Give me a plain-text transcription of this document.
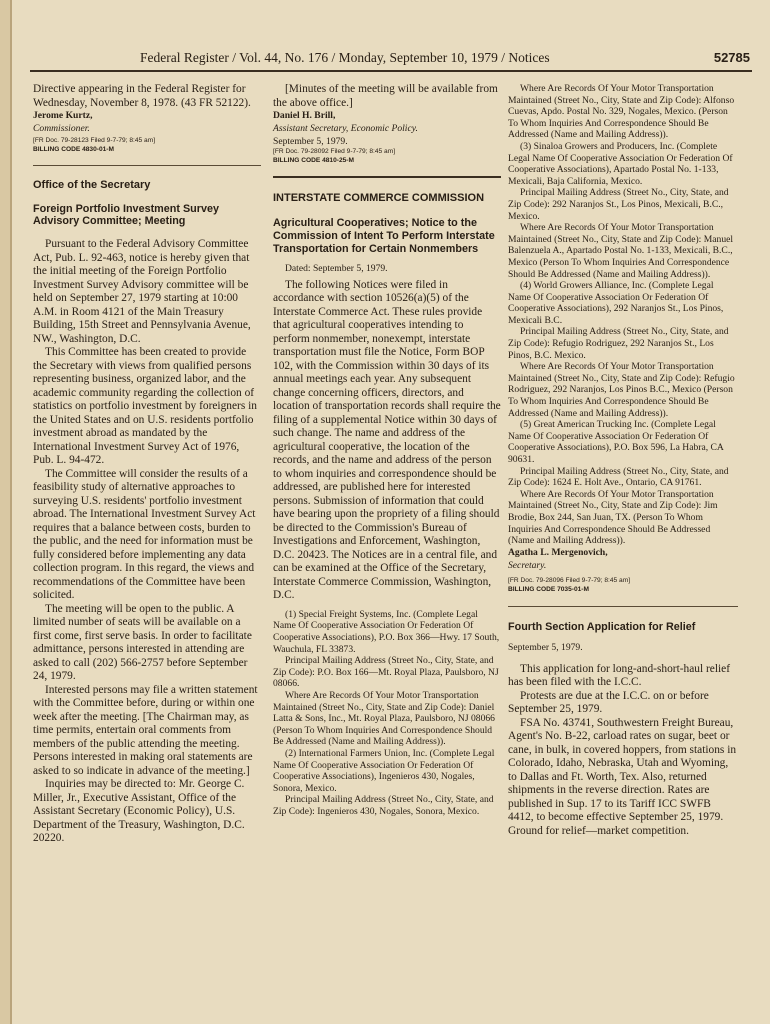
Federal Register / Vol. 44, No. 176 / Monday, September 10, 1979 / Notices	52785

Directive appearing in the Federal Register for Wednesday, November 8, 1978. (43 FR 52122).

Jerome Kurtz,

Commissioner.

[FR Doc. 79-28123 Filed 9-7-79; 8:45 am]
BILLING CODE 4830-01-M

Office of the Secretary

Foreign Portfolio Investment Survey Advisory Committee; Meeting

Pursuant to the Federal Advisory Committee Act, Pub. L. 92-463, notice is hereby given that the initial meeting of the Foreign Portfolio Investment Survey Advisory committee will be held on September 27, 1979 starting at 10:00 A.M. in Room 4121 of the Main Treasury Building, 15th Street and Pennsylvania Avenue, NW., Washington, D.C.

This Committee has been created to provide the Secretary with views from qualified persons representing business, organized labor, and the academic community regarding the collection of statistics on portfolio investment by foreigners in the United States and on U.S. residents portfolio investment abroad as mandated by the International Investment Survey Act of 1976, Pub. L. 94-472.

The Committee will consider the results of a feasibility study of alternative approaches to surveying U.S. residents' portfolio investment abroad. The International Investment Survey Act requires that a balance between costs, burden to the public, and the need for information must be fully considered before implementing any data collection program. In this regard, the views and recommendations of the Committee have been solicited.

The meeting will be open to the public. A limited number of seats will be available on a first come, first serve basis. In order to facilitate admittance, persons interested in attending are asked to call (202) 566-2757 before September 24, 1979.

Interested persons may file a written statement with the Committee before, during or within one week after the meeting. [The Chairman may, as time permits, entertain oral comments from members of the public attending the meeting. Persons interested in making oral statements are asked to so indicate in advance of the meeting.]

Inquiries may be directed to: Mr. George C. Miller, Jr., Executive Assistant, Office of the Assistant Secretary (Economic Policy), U.S. Department of the Treasury, Washington, D.C. 20220.

[Minutes of the meeting will be available from the above office.]

Daniel H. Brill,

Assistant Secretary, Economic Policy.

September 5, 1979.

[FR Doc. 79-28092 Filed 9-7-79; 8:45 am]
BILLING CODE 4810-25-M

INTERSTATE COMMERCE COMMISSION

Agricultural Cooperatives; Notice to the Commission of Intent To Perform Interstate Transportation for Certain Nonmembers

Dated: September 5, 1979.

The following Notices were filed in accordance with section 10526(a)(5) of the Interstate Commerce Act. These rules provide that agricultural cooperatives intending to perform nonmember, nonexempt, interstate transportation must file the Notice, Form BOP 102, with the Commission within 30 days of its annual meetings each year. Any subsequent change concerning officers, directors, and location of transportation records shall require the filing of a supplemental Notice within 30 days of such change. The name and address of the agricultural cooperative, the location of the records, and the name and address of the person to whom inquiries and correspondence should be addressed, are published here for interested persons. Submission of information that could have bearing upon the propriety of a filing should be directed to the Commission's Bureau of Investigations and Enforcement, Washington, D.C. 20423. The Notices are in a central file, and can be examined at the Office of the Secretary, Interstate Commerce Commission, Washington, D.C.

(1) Special Freight Systems, Inc. (Complete Legal Name Of Cooperative Association Or Federation Of Cooperative Associations), P.O. Box 366—Hwy. 17 South, Wauchula, FL 33873.

Principal Mailing Address (Street No., City, State, and Zip Code): P.O. Box 166—Mt. Royal Plaza, Paulsboro, NJ 08066.

Where Are Records Of Your Motor Transportation Maintained (Street No., City, State and Zip Code): Daniel Latta & Sons, Inc., Mt. Royal Plaza, Paulsboro, NJ 08066 (Person To Whom Inquiries And Correspondence Should Be Addressed (Name and Mailing Address)).

(2) International Farmers Union, Inc. (Complete Legal Name Of Cooperative Association Or Federation Of Cooperative Associations), Ingenieros 430, Nogales, Sonora, Mexico.

Principal Mailing Address (Street No., City, State, and Zip Code): Ingenieros 430, Nogales, Sonora, Mexico.

Where Are Records Of Your Motor Transportation Maintained (Street No., City, State and Zip Code): Alfonso Cuevas, Apdo. Postal No. 329, Nogales, Mexico. (Person To Whom Inquiries And Correspondence Should Be Addressed (Name and Mailing Address)).

(3) Sinaloa Growers and Producers, Inc. (Complete Legal Name Of Cooperative Association Or Federation Of Cooperative Associations), Apartado Postal No. 1-133, Mexicali, Baja California, Mexico.

Principal Mailing Address (Street No., City, State, and Zip Code): 292 Naranjos St., Los Pinos, Mexicali, B.C., Mexico.

Where Are Records Of Your Motor Transportation Maintained (Street No., City, State and Zip Code): Manuel Balenzuela A., Apartado Postal No. 1-133, Mexicali, B.C., Mexico (Person To Whom Inquiries And Correspondence Should Be Addressed (Name and Mailing Address)).

(4) World Growers Alliance, Inc. (Complete Legal Name Of Cooperative Association Or Federation Of Cooperative Associations), 292 Naranjos St., Los Pinos, Mexicali B.C.

Principal Mailing Address (Street No., City, State, and Zip Code): Refugio Rodriguez, 292 Naranjos St., Los Pinos, B.C. Mexico.

Where Are Records Of Your Motor Transportation Maintained (Street No., City, State and Zip Code): Refugio Rodriguez, 292 Naranjos, Los Pinos B.C., Mexico (Person To Whom Inquiries And Correspondence Should Be Addressed (Name and Mailing Address)).

(5) Great American Trucking Inc. (Complete Legal Name Of Cooperative Association Or Federation Of Cooperative Associations), P.O. Box 596, La Habra, CA 90631.

Principal Mailing Address (Street No., City, State, and Zip Code): 1624 E. Holt Ave., Ontario, CA 91761.

Where Are Records Of Your Motor Transportation Maintained (Street No., City, State and Zip Code): Jim Brodie, Box 244, San Juan, TX. (Person To Whom Inquiries And Correspondence Should Be Addressed (Name and Mailing Address)).

Agatha L. Mergenovich,

Secretary.

[FR Doc. 79-28096 Filed 9-7-79; 8:45 am]
BILLING CODE 7035-01-M

Fourth Section Application for Relief

September 5, 1979.

This application for long-and-short-haul relief has been filed with the I.C.C.

Protests are due at the I.C.C. on or before September 25, 1979.

FSA No. 43741, Southwestern Freight Bureau, Agent's No. B-22, carload rates on sugar, beet or cane, in bulk, in covered hoppers, from stations in Colorado, Idaho, Nebraska, Utah and Wyoming, to Dallas and Ft. Worth, Tex. Also, returned shipments in the reverse direction. Rates are published in Sup. 17 to its Tariff ICC SWFB 4412, to become effective September 25, 1979. Ground for relief—market competition.
